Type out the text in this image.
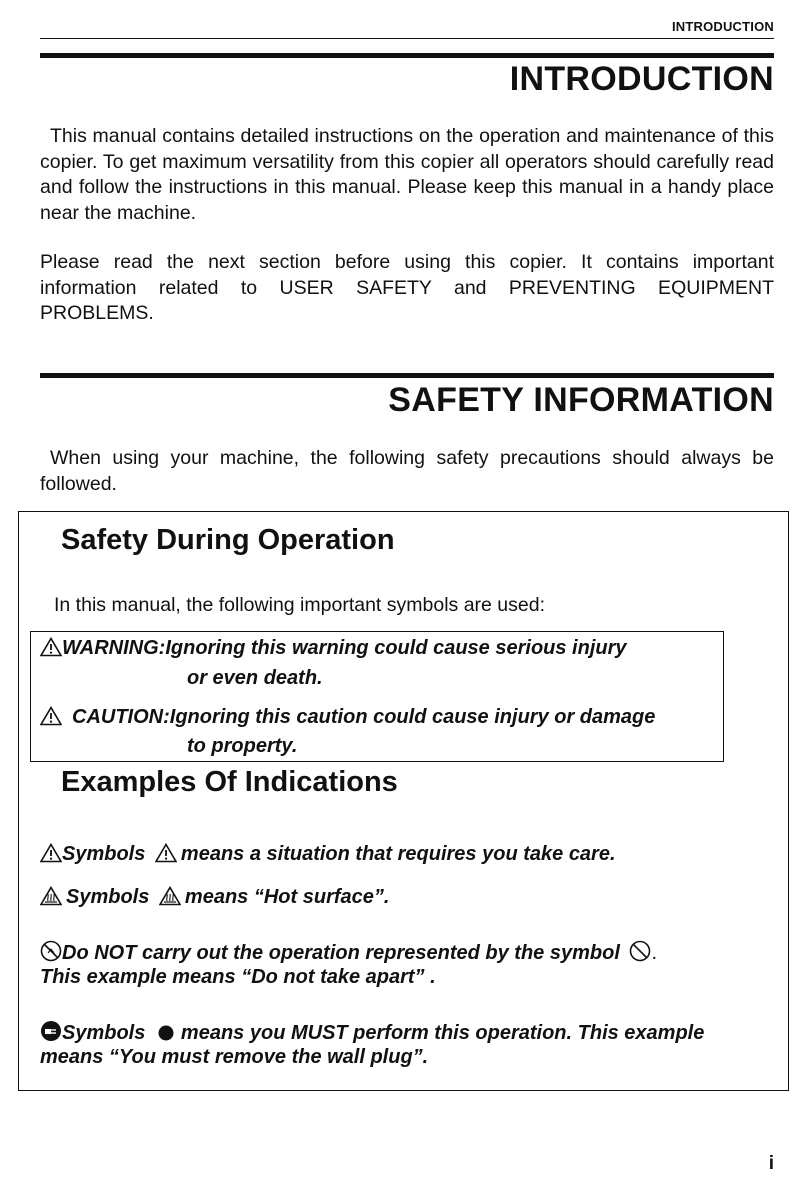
INTRODUCTION
INTRODUCTION
This manual contains detailed instructions on the operation and maintenance of this copier. To get maximum versatility from this copier all operators should carefully read and follow the instructions in this manual. Please keep this manual in a handy place near the machine.
Please read the next section before using this copier. It contains important information related to USER SAFETY and PREVENTING EQUIPMENT PROBLEMS.
SAFETY INFORMATION
When using your machine, the following safety precautions should always be followed.
Safety During Operation
In this manual, the following important symbols are used:
WARNING:Ignoring this warning could cause serious injury
or even death.
CAUTION:Ignoring this caution could cause injury or damage
to property.
Examples Of Indications
Symbols means a situation that requires you take care.
Symbols means “Hot surface”.
Do NOT carry out the operation represented by the symbol .
This example means “Do not take apart” .
Symbols means you MUST perform this operation. This example
means “You must remove the wall plug”.
i
